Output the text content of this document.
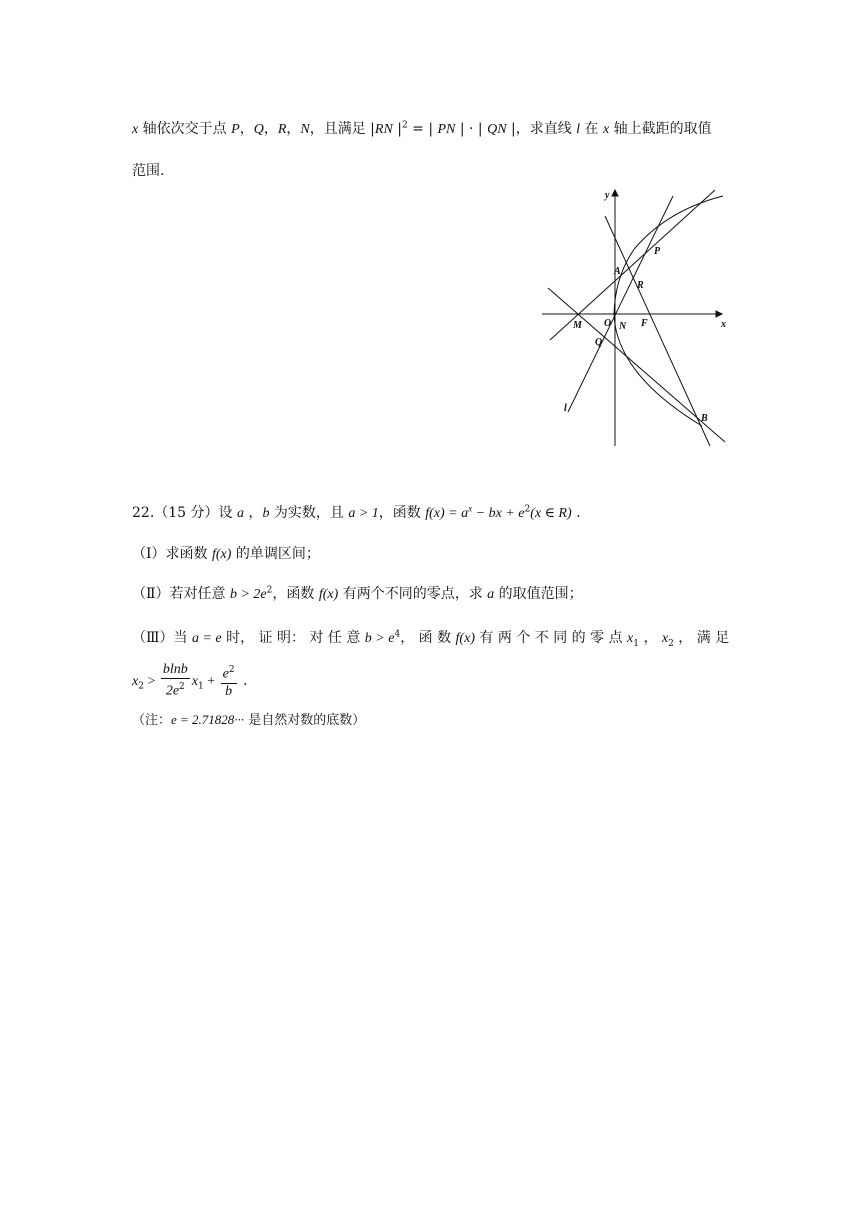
x 轴依次交于点 P，Q，R，N，且满足 |RN $|^2$ = | PN | · | QN |，求直线 l 在 x 轴上截距的取值
范围.
y
x
O
A
P
R
M	N F
Q
l
B
22.（15 分）设 a ，b 为实数，且 a > 1，函数 $f(x) = a^x$ − bx + $e^2(x$ ∈ R) .
（Ⅰ）求函数 f(x) 的单调区间；
（Ⅱ）若对任意 $b > 2e^2$，函数 f(x) 有两个不同的零点，求 a 的取值范围；
（Ⅲ）当 a = e 时， 证 明： 对 任 意 $b > e^4$， 函 数 f(x) 有 两 个 不 同 的 零 点 $x_1$ ， $x_2$ ， 满 足
$x_2 > \frac{blnb}{2e^2} x_1 + \frac{e^2}{b}$ .
（注：e = 2.71828··· 是自然对数的底数）
